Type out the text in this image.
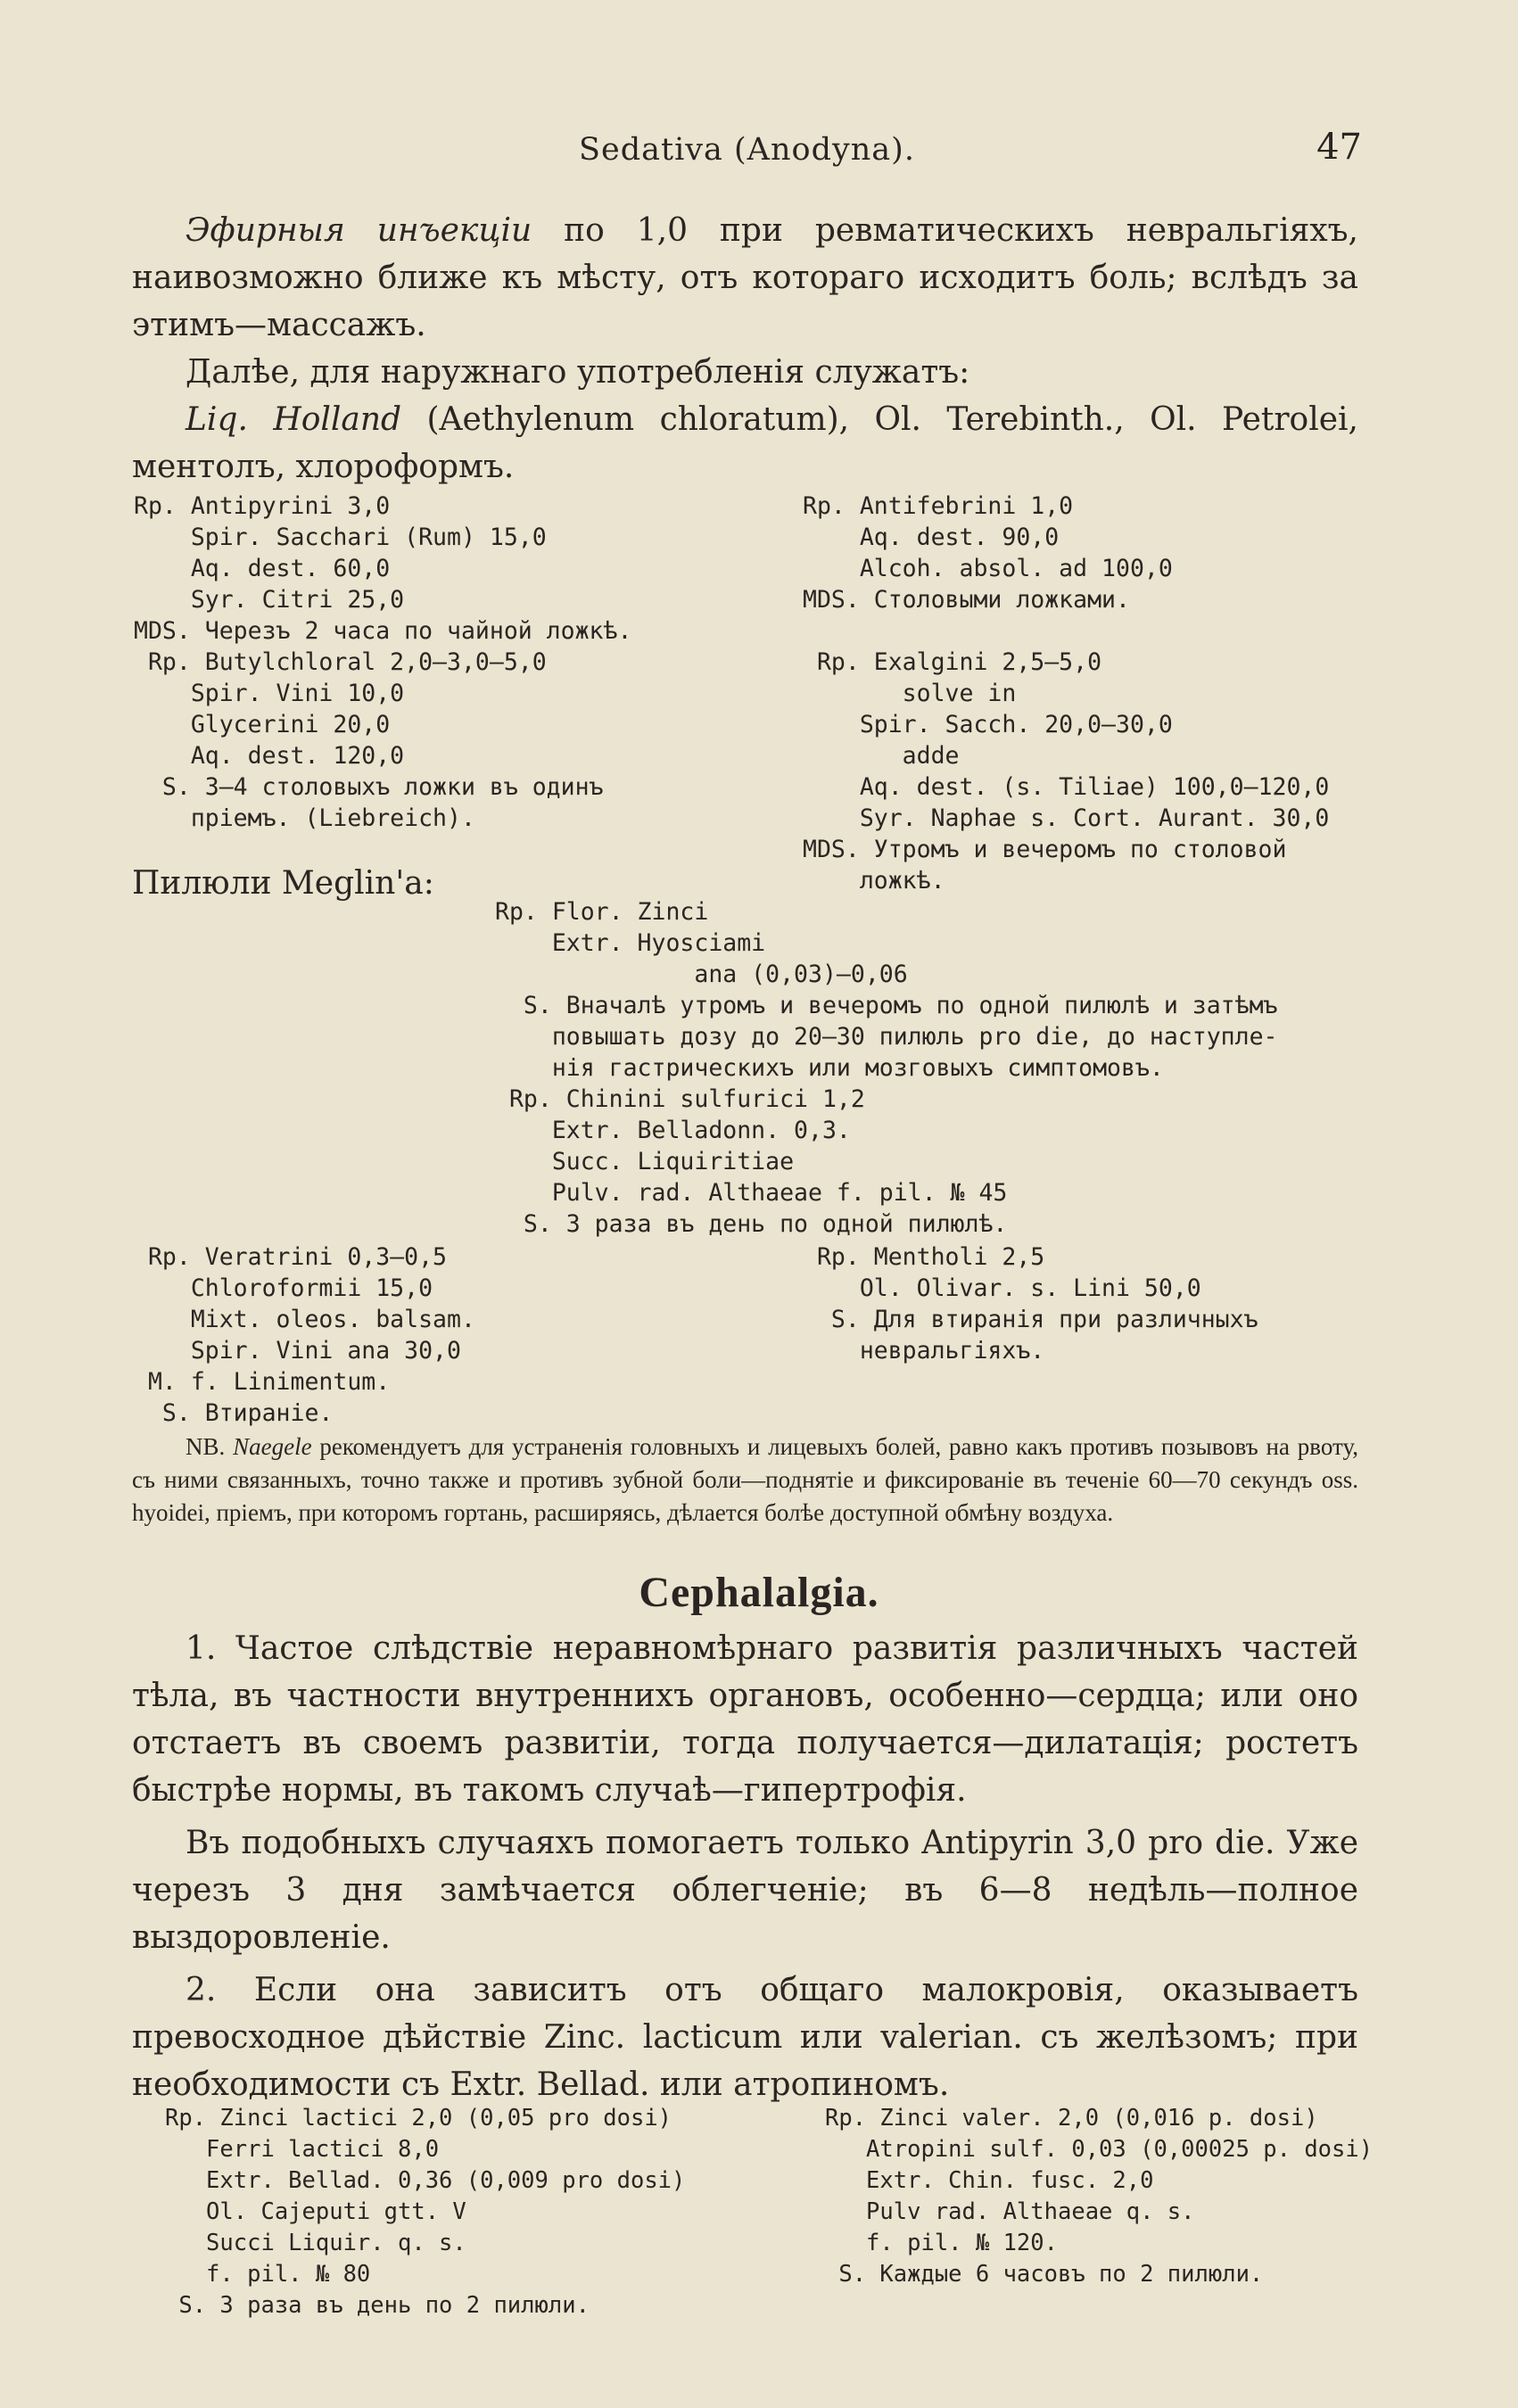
Sedativa (Anodyna).	47

Эфирныя инъекціи по 1,0 при ревматическихъ невральгіяхъ, наивозможно ближе къ мѣсту, отъ котораго исходитъ боль; вслѣдъ за этимъ—массажъ.

Далѣе, для наружнаго употребленія служатъ:

Liq. Holland (Aethylenum chloratum), Ol. Terebinth., Ol. Petrolei, ментолъ, хлороформъ.

Rp. Antipyrini 3,0
Spir. Sacchari (Rum) 15,0
Aq. dest. 60,0
Syr. Citri 25,0
MDS. Черезъ 2 часа по чайной ложкѣ.
Rp. Butylchloral 2,0—3,0—5,0
Spir. Vini 10,0
Glycerini 20,0
Aq. dest. 120,0
S. 3—4 столовыхъ ложки въ одинъ
пріемъ. (Liebreich).
Rp. Antifebrini 1,0
Aq. dest. 90,0
Alcoh. absol. ad 100,0
MDS. Столовыми ложками.

Rp. Exalgini 2,5—5,0
solve in
Spir. Sacch. 20,0—30,0
adde
Aq. dest. (s. Tiliae) 100,0—120,0
Syr. Naphae s. Cort. Aurant. 30,0
MDS. Утромъ и вечеромъ по столовой
ложкѣ.
Пилюли Meglin'a:
Rp. Flor. Zinci
Extr. Hyosciami
ana (0,03)—0,06
S. Вначалѣ утромъ и вечеромъ по одной пилюлѣ и затѣмъ
повышать дозу до 20—30 пилюль pro die, до наступле-
нія гастрическихъ или мозговыхъ симптомовъ.
Rp. Chinini sulfurici 1,2
Extr. Belladonn. 0,3.
Succ. Liquiritiae
Pulv. rad. Althaeae f. pil. № 45
S. 3 раза въ день по одной пилюлѣ.
Rp. Veratrini 0,3—0,5
Chloroformii 15,0
Mixt. oleos. balsam.
Spir. Vini ana 30,0
M. f. Linimentum.
S. Втираніе.
Rp. Mentholi 2,5
Ol. Olivar. s. Lini 50,0
S. Для втиранія при различныхъ
невральгіяхъ.

NB. Naegele рекомендуетъ для устраненія головныхъ и лицевыхъ болей, равно какъ противъ позывовъ на рвоту, съ ними связанныхъ, точно также и противъ зубной боли—поднятіе и фиксированіе въ теченіе 60—70 секундъ oss. hyoidei, пріемъ, при которомъ гортань, расширяясь, дѣлается болѣе доступной обмѣну воздуха.

Cephalalgia.

1. Частое слѣдствіе неравномѣрнаго развитія различныхъ частей тѣла, въ частности внутреннихъ органовъ, особенно—сердца; или оно отстаетъ въ своемъ развитіи, тогда получается—дилатація; ростетъ быстрѣе нормы, въ такомъ случаѣ—гипертрофія.

Въ подобныхъ случаяхъ помогаетъ только Antipyrin 3,0 pro die. Уже черезъ 3 дня замѣчается облегченіе; въ 6—8 недѣль—полное выздоровленіе.

2. Если она зависитъ отъ общаго малокровія, оказываетъ превосходное дѣйствіе Zinc. lacticum или valerian. съ желѣзомъ; при необходимости съ Extr. Bellad. или атропиномъ.

Rp. Zinci lactici 2,0 (0,05 pro dosi)
Ferri lactici 8,0
Extr. Bellad. 0,36 (0,009 pro dosi)
Ol. Cajeputi gtt. V
Succi Liquir. q. s.
f. pil. № 80
S. 3 раза въ день по 2 пилюли.
Rp. Zinci valer. 2,0 (0,016 p. dosi)
Atropini sulf. 0,03 (0,00025 p. dosi)
Extr. Chin. fusc. 2,0
Pulv rad. Althaeae q. s.
f. pil. № 120.
S. Каждые 6 часовъ по 2 пилюли.
